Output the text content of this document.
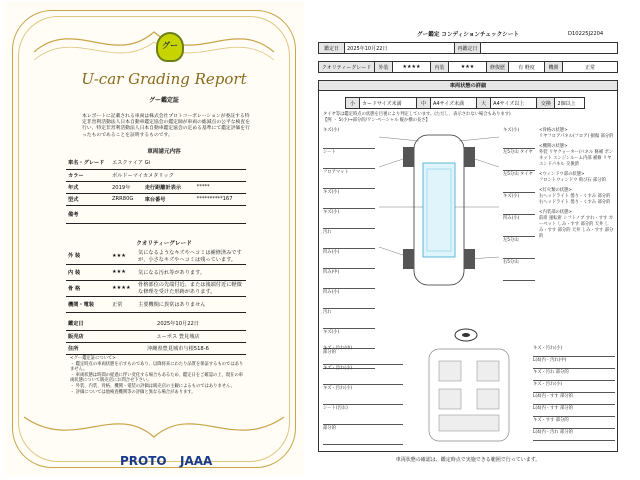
グー
U-car Grading Report
グー鑑定証
本レポートに記載される車両は株式会社プロトコーポレーションが委託する特定非営利活動法人日本自動車鑑定協会の鑑定師が車両の総減点の公平な検査を行い、特定非営利活動法人日本自動車鑑定協会の定める基準にて鑑定評価を行ったものであることを証明するものです。
車両請元内容
車名・グレード	エスクァイア Gi		
カラー	ボルドーマイカメタリック		
年式	2019年	走行距離計表示	*****
型式	ZRR80G	車台番号	**********167
備考			
クオリティーグレード
外 装	★★★	気になるようなキズやヘコミは補修済みですが、小さなキズやヘコミは残っています。
内 装	★★★	気になる汚れ等があります。
骨 格	★★★★	骨格部位の先端付近、または後端付近に軽微な修理を受けた形跡があります。
機関・電装	正常	主要機関に異常はありません
鑑定日	2025年10月22日
販売店	ユーポス 豊見城店
住所	沖縄県豊見城市与根518-6
<グー鑑定証について>
・ 鑑定時点の車両状態を示すものであり、以降将来にわたり品質を保証するものではありません。
・ 車両状態は時間の経過に伴い変化する場合もあるため、鑑定日をご確認の上、現在の車両状態について販売店にお問合せ下さい。
・ 外装、内装、骨格、機関・電装の評価は販売店の主観によるものではありません。
・ 評価については他検査機関等の評価と異なる場合があります。
PROTO JAAA
グー鑑定 コンディションチェックシート	D10225J2204
鑑定日	2025年10月22日	再鑑定日	
クオリティーグレード	外装	★★★★	内装	★★★	修復歴	有 軽度	機関	正常
車両状態の詳細
小	カードサイズ未満	中	A4サイズ未満	大	A4サイズ以上	交換	2個以上
タイヤ等は鑑定時点の状態を目視により判定しています。(ただし、表示されない場合もあります)
【例 ・ 5(小)→部分的/ワン-ペーシャル 縦か横の長さ】
キズ(小)
シート
フロアマット
キズ(小)
キズ(小)
汚れ
凹み(小)
凹み(中)
凹み(小)
汚れ
キズ(小)
部分的
キズ(小)
左5分山 タイヤ
左5分山 タイヤ
キズ(小)
凹み(小)
左5分山
右5分山
<骨格の状態>
リヤフロアパネル(フロア) 損傷 部分的
<機関の状態>
外装 リヤクォーター/パネル 修補 ボンネット エンジンルーム内部 補修 リヤエンドパネル 交換済
<ウィンドウ部の状態>
フロントウィンドウ 飛び石 部分的
<灯火類の状態>
右ヘッドライト 曇り・くすみ 部分的 右ヘッドライト 曇り・くすみ 部分的
<内装部の状態>
前席 運転席 シフトノブ すれ・すす カーペット しみ・すす 部分的 天井 しみ・すす 部分的 天井 しみ・すす 部分的
キズ・汚れ(中)
キズ・汚れ(小)
キズ・汚れ(小)
シート(汚れ)
部分的
キズ・汚れ(小)
L(4)内・汚れ(中)
キズ・汚れ 部分的
キズ・汚れ(小)
L(4)内・すす 部分的
L(4)内・すす 部分的
キズ・すす 部分的
L(4)内・汚れ 部分的
車両状態の確認は、鑑定時点で実施できる範囲で行っています。
